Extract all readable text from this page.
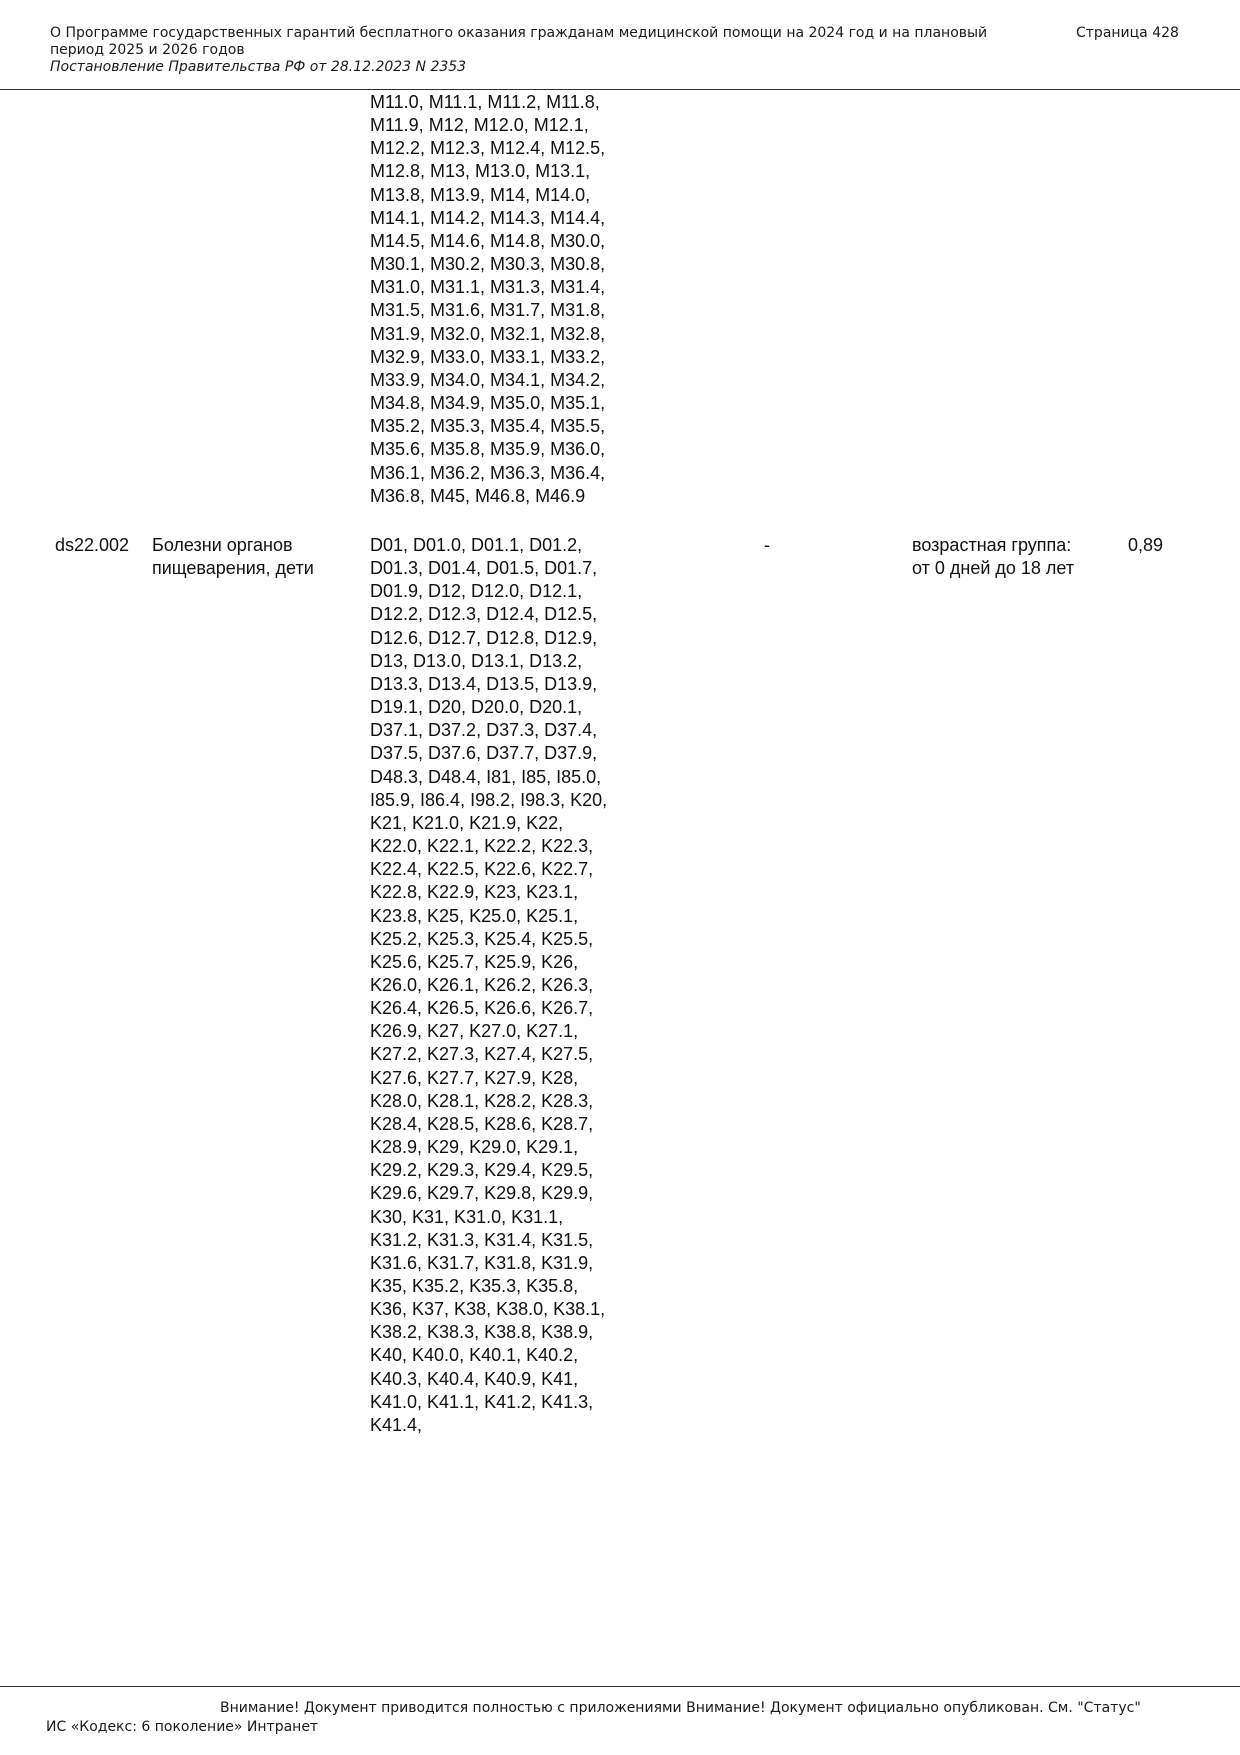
О Программе государственных гарантий бесплатного оказания гражданам медицинской помощи на 2024 год и на плановый
период 2025 и 2026 годов
Постановление Правительства РФ от 28.12.2023 N 2353
Страница 428
M11.0, M11.1, M11.2, M11.8,
M11.9, M12, M12.0, M12.1,
M12.2, M12.3, M12.4, M12.5,
M12.8, M13, M13.0, M13.1,
M13.8, M13.9, M14, M14.0,
M14.1, M14.2, M14.3, M14.4,
M14.5, M14.6, M14.8, M30.0,
M30.1, M30.2, M30.3, M30.8,
M31.0, M31.1, M31.3, M31.4,
M31.5, M31.6, M31.7, M31.8,
M31.9, M32.0, M32.1, M32.8,
M32.9, M33.0, M33.1, M33.2,
M33.9, M34.0, M34.1, M34.2,
M34.8, M34.9, M35.0, M35.1,
M35.2, M35.3, M35.4, M35.5,
M35.6, M35.8, M35.9, M36.0,
M36.1, M36.2, M36.3, M36.4,
M36.8, M45, M46.8, M46.9
ds22.002	Болезни органов
пищеварения, дети
D01, D01.0, D01.1, D01.2,
D01.3, D01.4, D01.5, D01.7,
D01.9, D12, D12.0, D12.1,
D12.2, D12.3, D12.4, D12.5,
D12.6, D12.7, D12.8, D12.9,
D13, D13.0, D13.1, D13.2,
D13.3, D13.4, D13.5, D13.9,
D19.1, D20, D20.0, D20.1,
D37.1, D37.2, D37.3, D37.4,
D37.5, D37.6, D37.7, D37.9,
D48.3, D48.4, I81, I85, I85.0,
I85.9, I86.4, I98.2, I98.3, K20,
K21, K21.0, K21.9, K22,
K22.0, K22.1, K22.2, K22.3,
K22.4, K22.5, K22.6, K22.7,
K22.8, K22.9, K23, K23.1,
K23.8, K25, K25.0, K25.1,
K25.2, K25.3, K25.4, K25.5,
K25.6, K25.7, K25.9, K26,
K26.0, K26.1, K26.2, K26.3,
K26.4, K26.5, K26.6, K26.7,
K26.9, K27, K27.0, K27.1,
K27.2, K27.3, K27.4, K27.5,
K27.6, K27.7, K27.9, K28,
K28.0, K28.1, K28.2, K28.3,
K28.4, K28.5, K28.6, K28.7,
K28.9, K29, K29.0, K29.1,
K29.2, K29.3, K29.4, K29.5,
K29.6, K29.7, K29.8, K29.9,
K30, K31, K31.0, K31.1,
K31.2, K31.3, K31.4, K31.5,
K31.6, K31.7, K31.8, K31.9,
K35, K35.2, K35.3, K35.8,
K36, K37, K38, K38.0, K38.1,
K38.2, K38.3, K38.8, K38.9,
K40, K40.0, K40.1, K40.2,
K40.3, K40.4, K40.9, K41,
K41.0, K41.1, K41.2, K41.3,
K41.4,
-	возрастная группа:
от 0 дней до 18 лет
0,89
Внимание! Документ приводится полностью с приложениями Внимание! Документ официально опубликован. См. "Статус"
ИС «Кодекс: 6 поколение» Интранет
